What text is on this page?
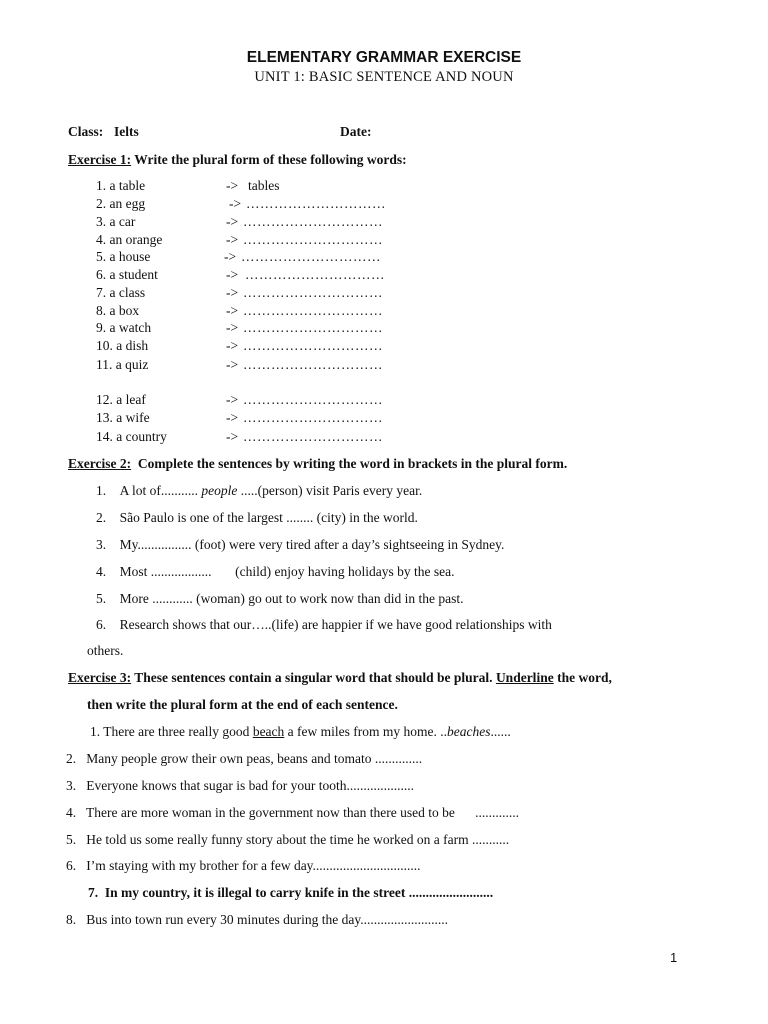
ELEMENTARY GRAMMAR EXERCISE
UNIT 1: BASIC SENTENCE AND NOUN
Class: Ielts	Date:
Exercise 1: Write the plural form of these following words:
1. a table	-> tables
2. an egg	-> …………………………
3. a car	-> …………………………
4. an orange	-> …………………………
5. a house	-> …………………………
6. a student	-> …………………………
7. a class	-> …………………………
8. a box	-> …………………………
9. a watch	-> …………………………
10. a dish	-> …………………………
11. a quiz	-> …………………………
12. a leaf	-> …………………………
13. a wife	-> …………………………
14. a country	-> …………………………
Exercise 2: Complete the sentences by writing the word in brackets in the plural form.
1. A lot of........... people .....(person) visit Paris every year.
2. São Paulo is one of the largest ........ (city) in the world.
3. My................ (foot) were very tired after a day’s sightseeing in Sydney.
4. Most ..................       (child) enjoy having holidays by the sea.
5. More ............ (woman) go out to work now than did in the past.
6. Research shows that our…..(life) are happier if we have good relationships with
others.
Exercise 3: These sentences contain a singular word that should be plural. Underline the word,
then write the plural form at the end of each sentence.
1. There are three really good beach a few miles from my home. ..beaches......
2. Many people grow their own peas, beans and tomato ..............
3. Everyone knows that sugar is bad for your tooth....................
4. There are more woman in the government now than there used to be      .............
5. He told us some really funny story about the time he worked on a farm ...........
6. I’m staying with my brother for a few day................................
7. In my country, it is illegal to carry knife in the street .........................
8. Bus into town run every 30 minutes during the day..........................
1
